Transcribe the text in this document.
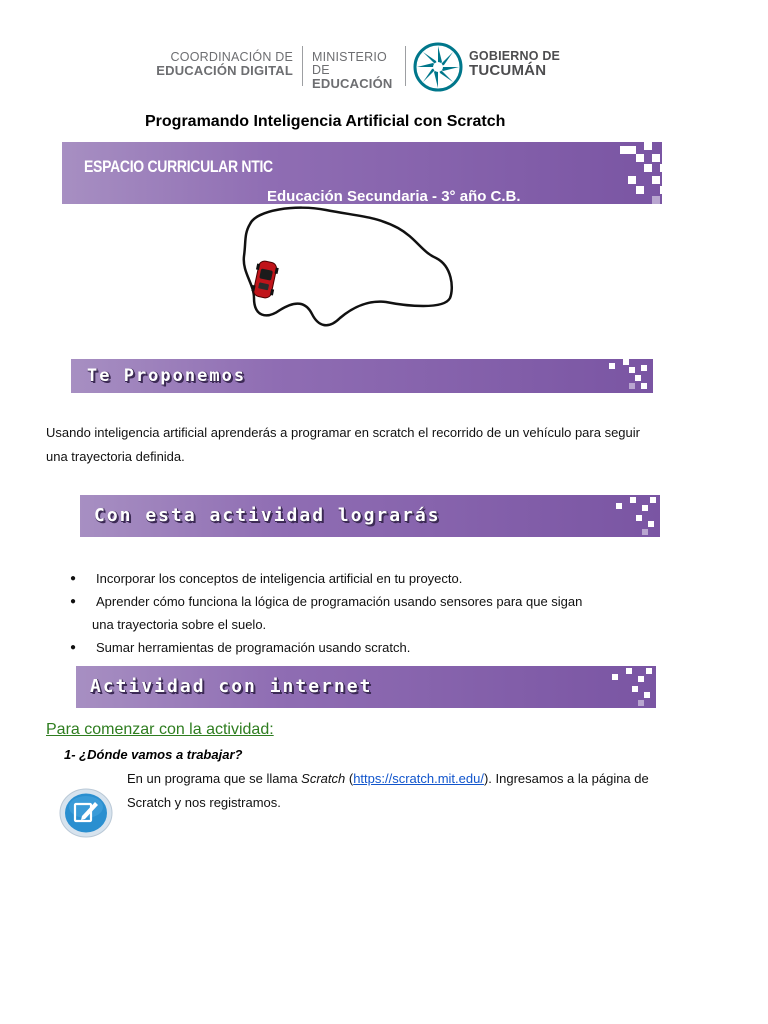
COORDINACIÓN DE
EDUCACIÓN DIGITAL
MINISTERIO DE
EDUCACIÓN
GOBIERNO DE
TUCUMÁN
Programando Inteligencia Artificial con Scratch
ESPACIO CURRICULAR NTIC
Educación Secundaria - 3° año C.B.
Te Proponemos
Usando inteligencia artificial aprenderás a programar en scratch el recorrido de un vehículo para seguir
una trayectoria definida.
Con esta actividad lograrás
● Incorporar los conceptos de inteligencia artificial en tu proyecto.
● Aprender cómo funciona la lógica de programación usando sensores para que sigan
una trayectoria sobre el suelo.
● Sumar herramientas de programación usando scratch.
Actividad con internet
Para comenzar con la actividad:
1- ¿Dónde vamos a trabajar?
En un programa que se llama Scratch (https://scratch.mit.edu/). Ingresamos a la página de
Scratch y nos registramos.
